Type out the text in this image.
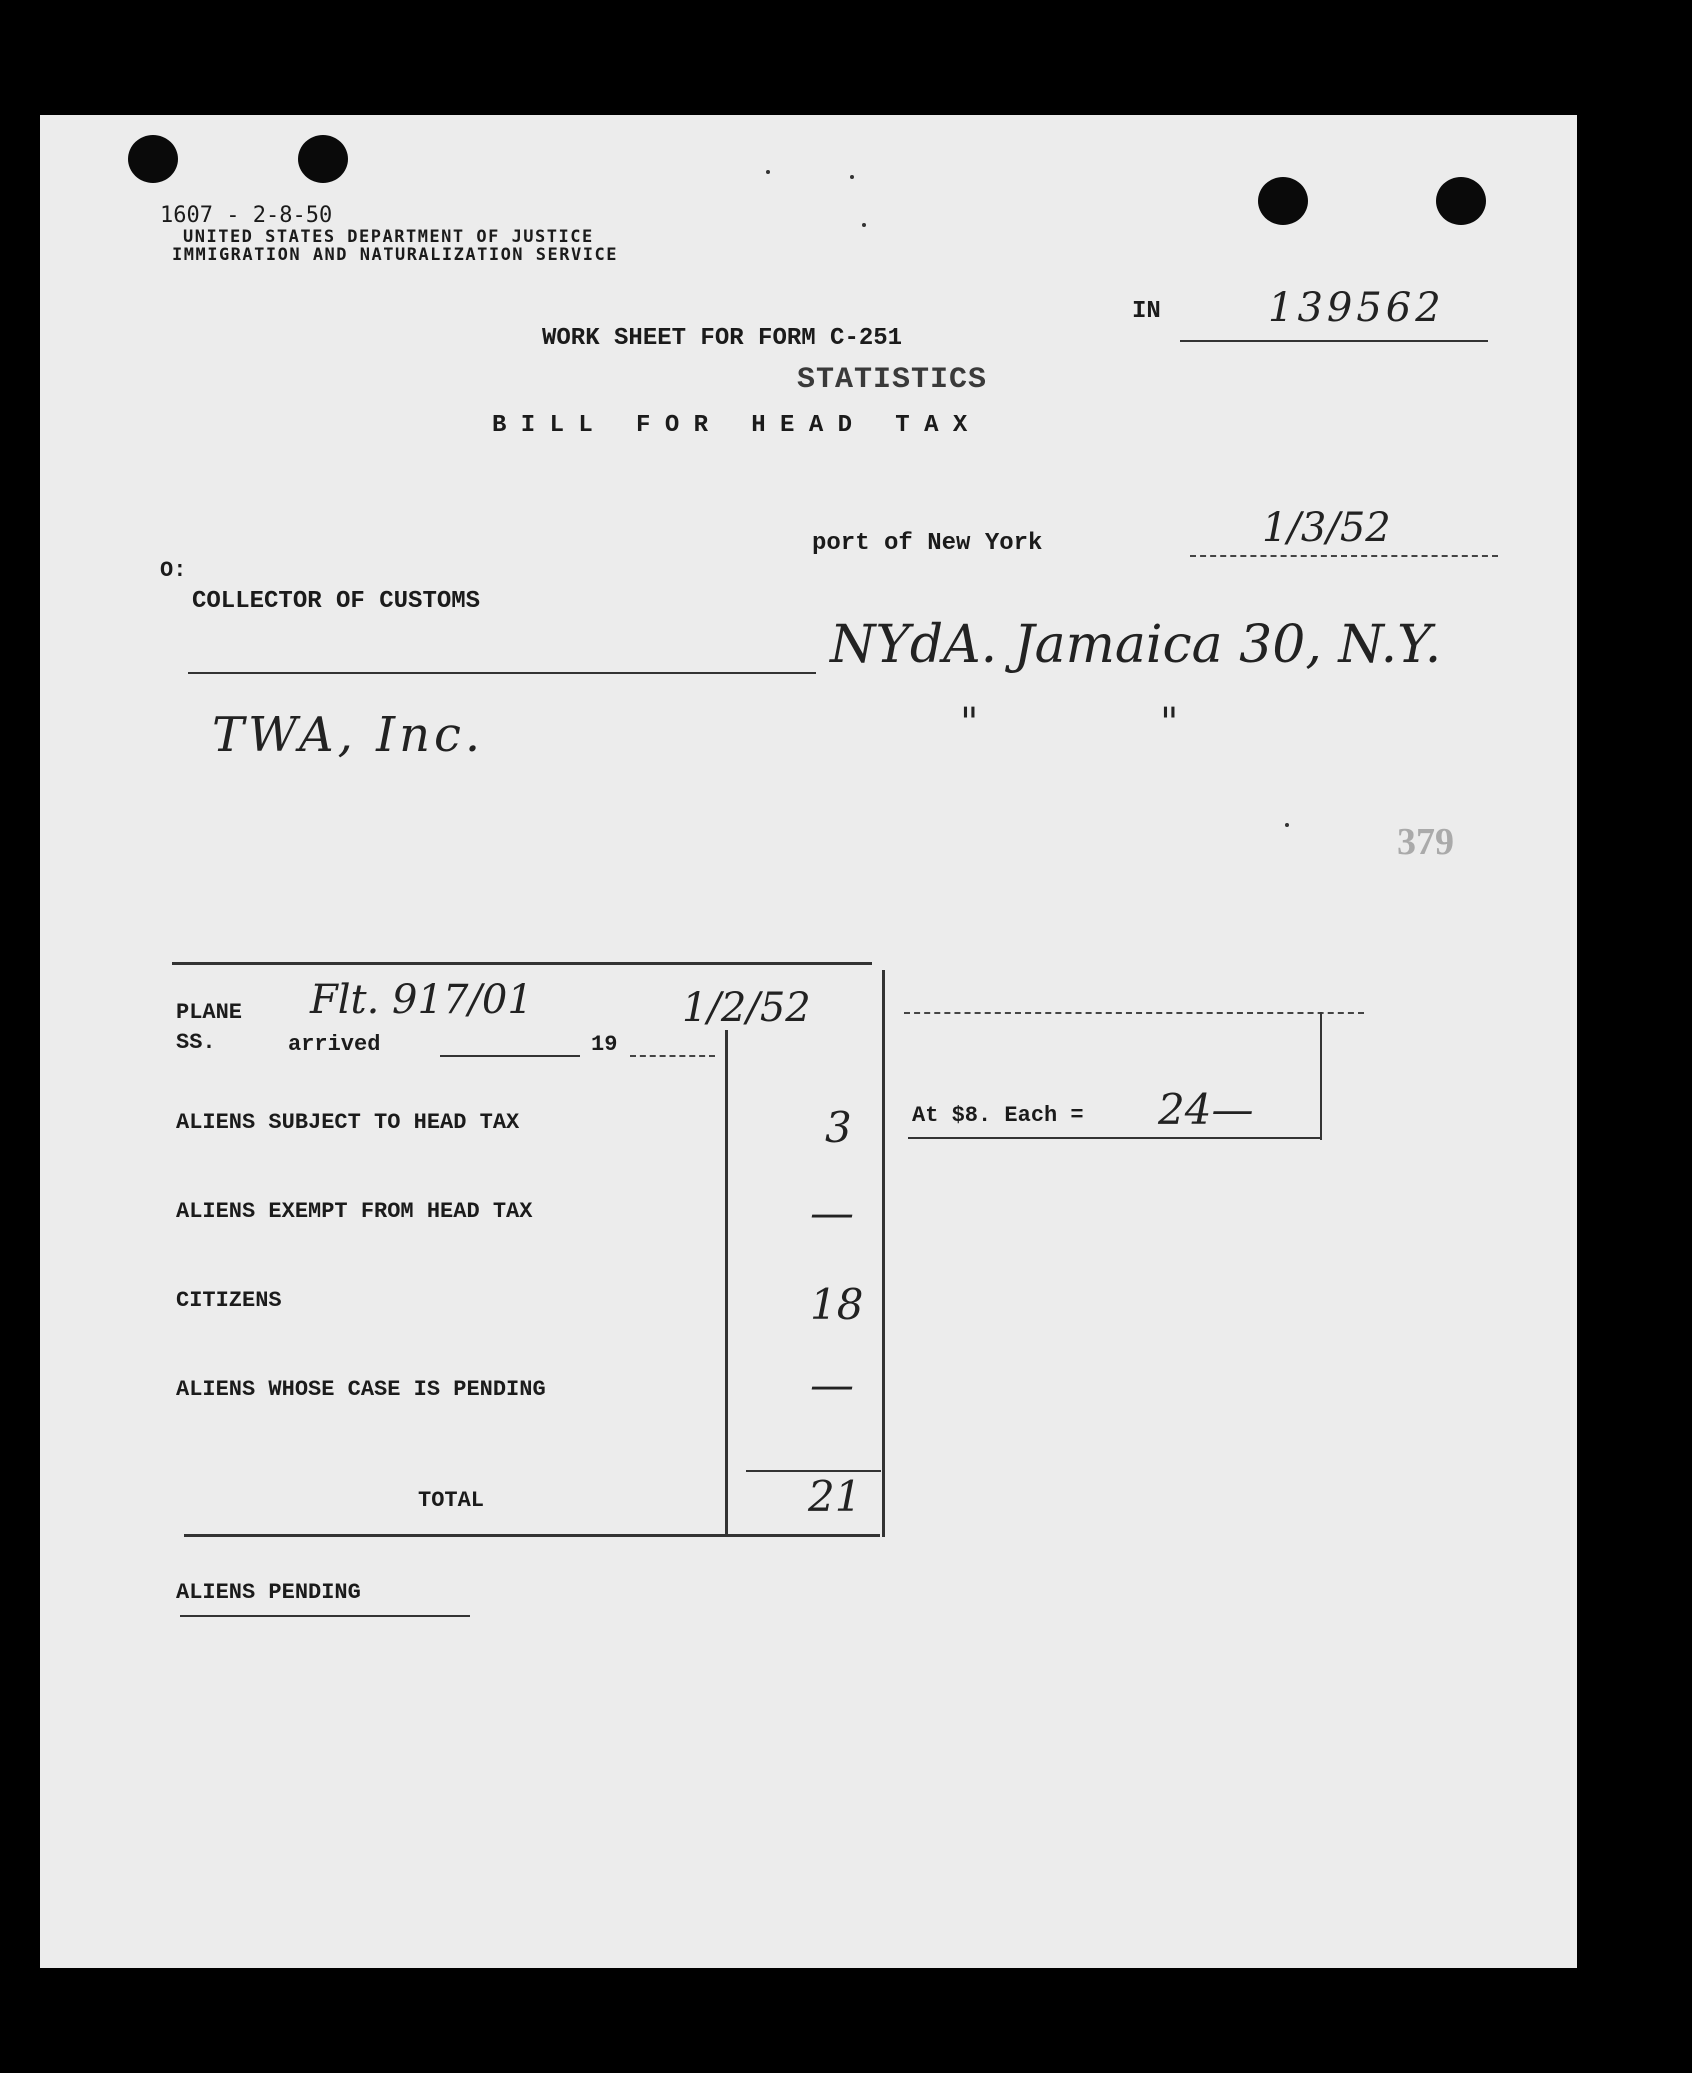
1607 - 2-8-50
UNITED STATES DEPARTMENT OF JUSTICE
IMMIGRATION AND NATURALIZATION SERVICE
IN	139562
WORK SHEET FOR FORM C-251
STATISTICS
B I L L   F O R   H E A D   T A X
port of New York	1/3/52
O:
COLLECTOR OF CUSTOMS
NYdA. Jamaica 30, N.Y.
"	"
TWA, Inc.
379
PLANE
SS.	arrived	19
Flt. 917/01	1/2/52
ALIENS SUBJECT TO HEAD TAX	3
ALIENS EXEMPT FROM HEAD TAX	—
CITIZENS	18
ALIENS WHOSE CASE IS PENDING	—
TOTAL	21
At $8. Each = 24—
ALIENS PENDING
